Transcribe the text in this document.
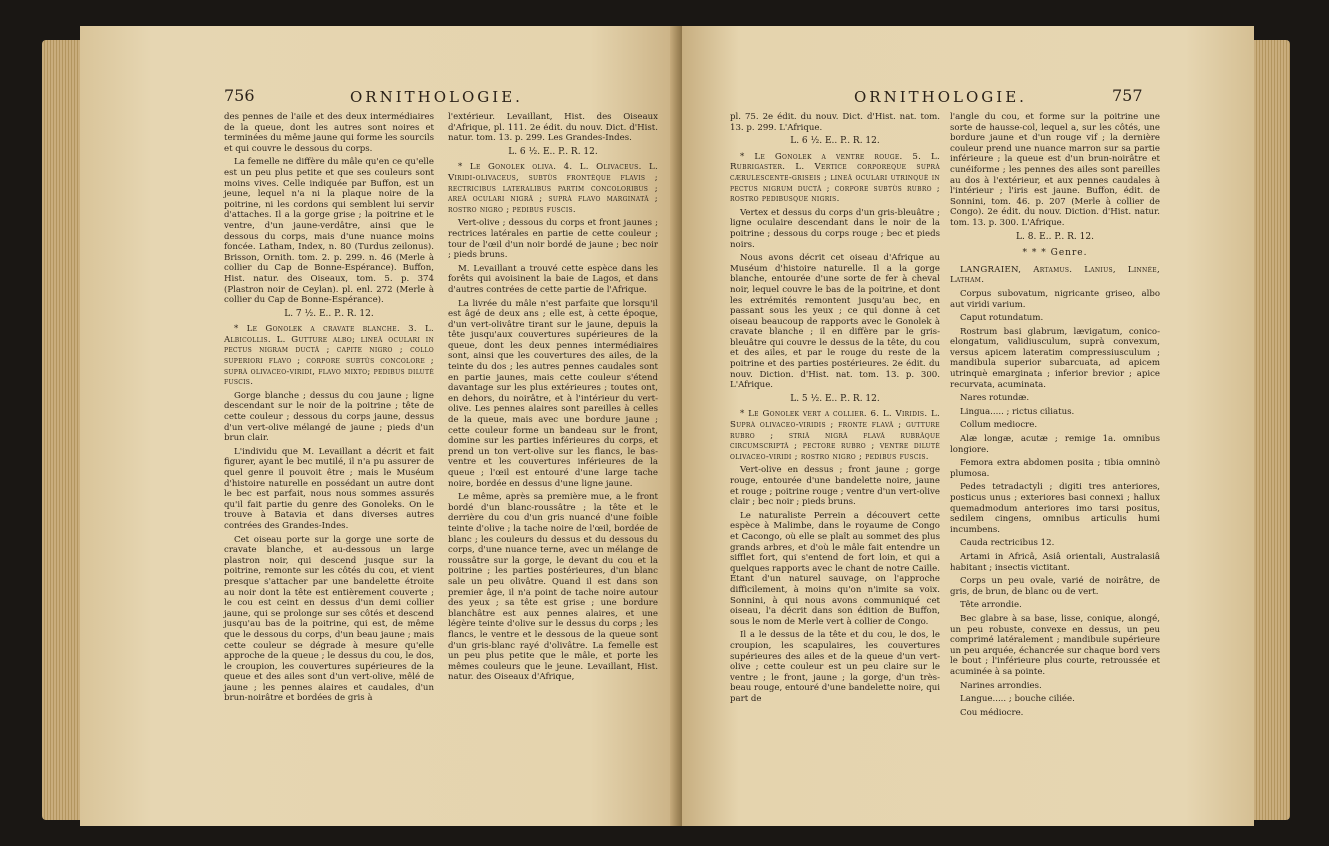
756	ORNITHOLOGIE.

des pennes de l'aile et des deux intermédiaires de la queue, dont les autres sont noires et terminées du même jaune qui forme les sourcils et qui couvre le dessous du corps.

La femelle ne diffère du mâle qu'en ce qu'elle est un peu plus petite et que ses couleurs sont moins vives. Celle indiquée par Buffon, est un jeune, lequel n'a ni la plaque noire de la poitrine, ni les cordons qui semblent lui servir d'attaches. Il a la gorge grise ; la poitrine et le ventre, d'un jaune-verdâtre, ainsi que le dessous du corps, mais d'une nuance moins foncée. Latham, Index, n. 80 (Turdus zeilonus). Brisson, Ornith. tom. 2. p. 299. n. 46 (Merle à collier du Cap de Bonne-Espérance). Buffon, Hist. natur. des Oiseaux, tom. 5. p. 374 (Plastron noir de Ceylan). pl. enl. 272 (Merle à collier du Cap de Bonne-Espérance).

L. 7 ½. E.. P.. R. 12.

* Le Gonolek a cravate blanche. 3. L. Albicollis. L. Gutture albo; lineâ oculari in pectus nigram ductâ ; capite nigro ; collo superiori flavo ; corpore subtùs concolore ; suprà olivaceo-viridi, flavo mixto; pedibus dilutè fuscis.

Gorge blanche ; dessus du cou jaune ; ligne descendant sur le noir de la poitrine ; tête de cette couleur ; dessous du corps jaune, dessus d'un vert-olive mélangé de jaune ; pieds d'un brun clair.

L'individu que M. Levaillant a décrit et fait figurer, ayant le bec mutilé, il n'a pu assurer de quel genre il pouvoit être ; mais le Muséum d'histoire naturelle en possédant un autre dont le bec est parfait, nous nous sommes assurés qu'il fait partie du genre des Gonoleks. On le trouve à Batavia et dans diverses autres contrées des Grandes-Indes.

Cet oiseau porte sur la gorge une sorte de cravate blanche, et au-dessous un large plastron noir, qui descend jusque sur la poitrine, remonte sur les côtés du cou, et vient presque s'attacher par une bandelette étroite au noir dont la tête est entièrement couverte ; le cou est ceint en dessus d'un demi collier jaune, qui se prolonge sur ses côtés et descend jusqu'au bas de la poitrine, qui est, de même que le dessous du corps, d'un beau jaune ; mais cette couleur se dégrade à mesure qu'elle approche de la queue ; le dessus du cou, le dos, le croupion, les couvertures supérieures de la queue et des ailes sont d'un vert-olive, mêlé de jaune ; les pennes alaires et caudales, d'un brun-noirâtre et bordées de gris à

l'extérieur. Levaillant, Hist. des Oiseaux d'Afrique, pl. 111. 2e édit. du nouv. Dict. d'Hist. natur. tom. 13. p. 299. Les Grandes-Indes.

L. 6 ½. E.. P.. R. 12.

* Le Gonolek oliva. 4. L. Olivaceus. L. Viridi-olivaceus, subtùs frontèque flavis ; rectricibus lateralibus partim concoloribus ; areâ oculari nigrâ ; suprà flavo marginatâ ; rostro nigro ; pedibus fuscis.

Vert-olive ; dessous du corps et front jaunes ; rectrices latérales en partie de cette couleur ; tour de l'œil d'un noir bordé de jaune ; bec noir ; pieds bruns.

M. Levaillant a trouvé cette espèce dans les forêts qui avoisinent la baie de Lagos, et dans d'autres contrées de cette partie de l'Afrique.

La livrée du mâle n'est parfaite que lorsqu'il est âgé de deux ans ; elle est, à cette époque, d'un vert-olivâtre tirant sur le jaune, depuis la tête jusqu'aux couvertures supérieures de la queue, dont les deux pennes intermédiaires sont, ainsi que les couvertures des ailes, de la teinte du dos ; les autres pennes caudales sont en partie jaunes, mais cette couleur s'étend davantage sur les plus extérieures ; toutes ont, en dehors, du noirâtre, et à l'intérieur du vert-olive. Les pennes alaires sont pareilles à celles de la queue, mais avec une bordure jaune ; cette couleur forme un bandeau sur le front, domine sur les parties inférieures du corps, et prend un ton vert-olive sur les flancs, le bas-ventre et les couvertures inférieures de la queue ; l'œil est entouré d'une large tache noire, bordée en dessus d'une ligne jaune.

Le même, après sa première mue, a le front bordé d'un blanc-roussâtre ; la tête et le derrière du cou d'un gris nuancé d'une foible teinte d'olive ; la tache noire de l'œil, bordée de blanc ; les couleurs du dessus et du dessous du corps, d'une nuance terne, avec un mélange de roussâtre sur la gorge, le devant du cou et la poitrine ; les parties postérieures, d'un blanc sale un peu olivâtre. Quand il est dans son premier âge, il n'a point de tache noire autour des yeux ; sa tête est grise ; une bordure blanchâtre est aux pennes alaires, et une légère teinte d'olive sur le dessus du corps ; les flancs, le ventre et le dessous de la queue sont d'un gris-blanc rayé d'olivâtre. La femelle est un peu plus petite que le mâle, et porte les mêmes couleurs que le jeune. Levaillant, Hist. natur. des Oiseaux d'Afrique,

ORNITHOLOGIE.	757

pl. 75. 2e édit. du nouv. Dict. d'Hist. nat. tom. 13. p. 299. L'Afrique.

L. 6 ½. E.. P.. R. 12.

* Le Gonolek a ventre rouge. 5. L. Rubrigaster. L. Vertice corporeque suprà cærulescente-griseis ; lineâ oculari utrinquè in pectus nigrum ductâ ; corpore subtùs rubro ; rostro pedibusque nigris.

Vertex et dessus du corps d'un gris-bleuâtre ; ligne oculaire descendant dans le noir de la poitrine ; dessous du corps rouge ; bec et pieds noirs.

Nous avons décrit cet oiseau d'Afrique au Muséum d'histoire naturelle. Il a la gorge blanche, entourée d'une sorte de fer à cheval noir, lequel couvre le bas de la poitrine, et dont les extrémités remontent jusqu'au bec, en passant sous les yeux ; ce qui donne à cet oiseau beaucoup de rapports avec le Gonolek à cravate blanche ; il en diffère par le gris-bleuâtre qui couvre le dessus de la tête, du cou et des ailes, et par le rouge du reste de la poitrine et des parties postérieures. 2e édit. du nouv. Diction. d'Hist. nat. tom. 13. p. 300. L'Afrique.

L. 5 ½. E.. P.. R. 12.

* Le Gonolek vert a collier. 6. L. Viridis. L. Suprà olivaceo-viridis ; fronte flavâ ; gutture rubro ; striâ nigrâ flavâ rubrâque circumscriptâ ; pectore rubro ; ventre dilutè olivaceo-viridi ; rostro nigro ; pedibus fuscis.

Vert-olive en dessus ; front jaune ; gorge rouge, entourée d'une bandelette noire, jaune et rouge ; poitrine rouge ; ventre d'un vert-olive clair ; bec noir ; pieds bruns.

Le naturaliste Perrein a découvert cette espèce à Malimbe, dans le royaume de Congo et Cacongo, où elle se plaît au sommet des plus grands arbres, et d'où le mâle fait entendre un sifflet fort, qui s'entend de fort loin, et qui a quelques rapports avec le chant de notre Caille. Étant d'un naturel sauvage, on l'approche difficilement, à moins qu'on n'imite sa voix. Sonnini, à qui nous avons communiqué cet oiseau, l'a décrit dans son édition de Buffon, sous le nom de Merle vert à collier de Congo.

Il a le dessus de la tête et du cou, le dos, le croupion, les scapulaires, les couvertures supérieures des ailes et de la queue d'un vert-olive ; cette couleur est un peu claire sur le ventre ; le front, jaune ; la gorge, d'un très-beau rouge, entouré d'une bandelette noire, qui part de

l'angle du cou, et forme sur la poitrine une sorte de hausse-col, lequel a, sur les côtés, une bordure jaune et d'un rouge vif ; la dernière couleur prend une nuance marron sur sa partie inférieure ; la queue est d'un brun-noirâtre et cunéiforme ; les pennes des ailes sont pareilles au dos à l'extérieur, et aux pennes caudales à l'intérieur ; l'iris est jaune. Buffon, édit. de Sonnini, tom. 46. p. 207 (Merle à collier de Congo). 2e édit. du nouv. Diction. d'Hist. natur. tom. 13. p. 300. L'Afrique.

L. 8. E.. P.. R. 12.

* * * Genre.

LANGRAIEN, Artamus. Lanius, Linnée, Latham.

Corpus subovatum, nigricante griseo, albo aut viridi varium.

Caput rotundatum.

Rostrum basi glabrum, lævigatum, conico-elongatum, validiusculum, suprà convexum, versus apicem lateratim compressiusculum ; mandibula superior subarcuata, ad apicem utrinquè emarginata ; inferior brevior ; apice recurvata, acuminata.

Nares rotundæ.

Lingua..... ; rictus ciliatus.

Collum mediocre.

Alæ longæ, acutæ ; remige 1a. omnibus longiore.

Femora extra abdomen posita ; tibia omninò plumosa.

Pedes tetradactyli ; digiti tres anteriores, posticus unus ; exteriores basi connexi ; hallux quemadmodum anteriores imo tarsi positus, sedilem cingens, omnibus articulis humi incumbens.

Cauda rectricibus 12.

Artami in Africâ, Asiâ orientali, Australasiâ habitant ; insectis victitant.

Corps un peu ovale, varié de noirâtre, de gris, de brun, de blanc ou de vert.

Tête arrondie.

Bec glabre à sa base, lisse, conique, alongé, un peu robuste, convexe en dessus, un peu comprimé latéralement ; mandibule supérieure un peu arquée, échancrée sur chaque bord vers le bout ; l'inférieure plus courte, retroussée et acuminée à sa pointe.

Narines arrondies.

Langue..... ; bouche ciliée.

Cou médiocre.
